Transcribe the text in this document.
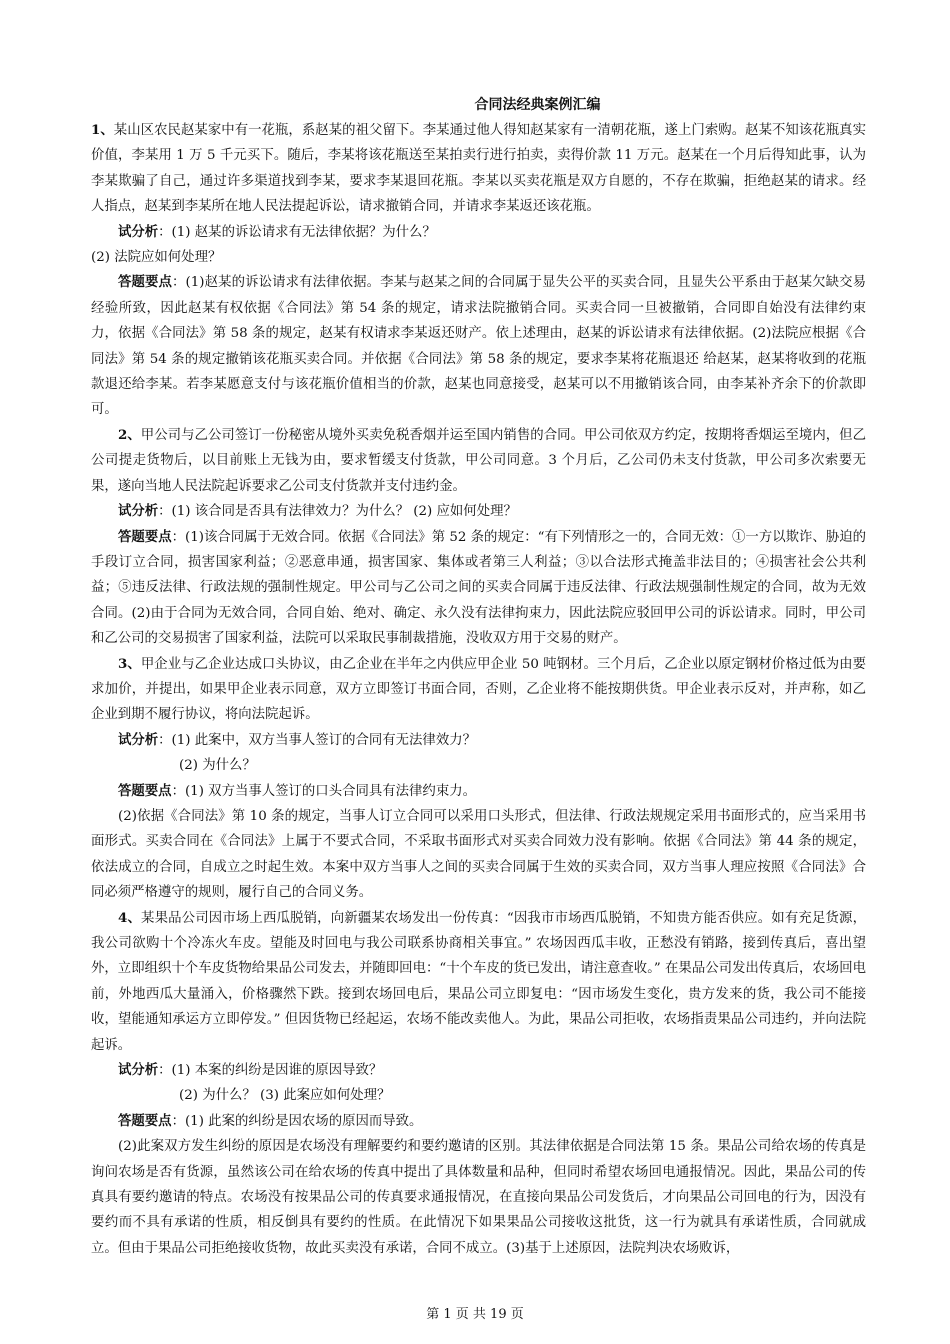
合同法经典案例汇编

1、某山区农民赵某家中有一花瓶，系赵某的祖父留下。李某通过他人得知赵某家有一清朝花瓶，遂上门索购。赵某不知该花瓶真实价值，李某用 1 万 5 千元买下。随后，李某将该花瓶送至某拍卖行进行拍卖，卖得价款 11 万元。赵某在一个月后得知此事，认为李某欺骗了自己，通过许多渠道找到李某，要求李某退回花瓶。李某以买卖花瓶是双方自愿的，不存在欺骗，拒绝赵某的请求。经人指点，赵某到李某所在地人民法提起诉讼，请求撤销合同，并请求李某返还该花瓶。

试分析：(1) 赵某的诉讼请求有无法律依据？为什么？

(2) 法院应如何处理？

答题要点：(1)赵某的诉讼请求有法律依据。李某与赵某之间的合同属于显失公平的买卖合同，且显失公平系由于赵某欠缺交易经验所致，因此赵某有权依据《合同法》第 54 条的规定，请求法院撤销合同。买卖合同一旦被撤销，合同即自始没有法律约束力，依据《合同法》第 58 条的规定，赵某有权请求李某返还财产。依上述理由，赵某的诉讼请求有法律依据。(2)法院应根据《合同法》第 54 条的规定撤销该花瓶买卖合同。并依据《合同法》第 58 条的规定，要求李某将花瓶退还 给赵某，赵某将收到的花瓶款退还给李某。若李某愿意支付与该花瓶价值相当的价款，赵某也同意接受，赵某可以不用撤销该合同，由李某补齐余下的价款即可。

2、甲公司与乙公司签订一份秘密从境外买卖免税香烟并运至国内销售的合同。甲公司依双方约定，按期将香烟运至境内，但乙公司提走货物后，以目前账上无钱为由，要求暂缓支付货款，甲公司同意。3 个月后，乙公司仍未支付货款，甲公司多次索要无果，遂向当地人民法院起诉要求乙公司支付货款并支付违约金。

试分析：(1) 该合同是否具有法律效力？为什么？ (2) 应如何处理？

答题要点：(1)该合同属于无效合同。依据《合同法》第 52 条的规定：“有下列情形之一的，合同无效：①一方以欺诈、胁迫的手段订立合同，损害国家利益；②恶意串通，损害国家、集体或者第三人利益；③以合法形式掩盖非法目的；④损害社会公共利益；⑤违反法律、行政法规的强制性规定。甲公司与乙公司之间的买卖合同属于违反法律、行政法规强制性规定的合同，故为无效合同。(2)由于合同为无效合同，合同自始、绝对、确定、永久没有法律拘束力，因此法院应驳回甲公司的诉讼请求。同时，甲公司和乙公司的交易损害了国家利益，法院可以采取民事制裁措施，没收双方用于交易的财产。

3、甲企业与乙企业达成口头协议，由乙企业在半年之内供应甲企业 50 吨钢材。三个月后，乙企业以原定钢材价格过低为由要求加价，并提出，如果甲企业表示同意，双方立即签订书面合同，否则，乙企业将不能按期供货。甲企业表示反对，并声称，如乙企业到期不履行协议，将向法院起诉。

试分析：(1) 此案中，双方当事人签订的合同有无法律效力？

(2) 为什么？

答题要点：(1) 双方当事人签订的口头合同具有法律约束力。

(2)依据《合同法》第 10 条的规定，当事人订立合同可以采用口头形式，但法律、行政法规规定采用书面形式的，应当采用书面形式。买卖合同在《合同法》上属于不要式合同，不采取书面形式对买卖合同效力没有影响。依据《合同法》第 44 条的规定，依法成立的合同，自成立之时起生效。本案中双方当事人之间的买卖合同属于生效的买卖合同，双方当事人理应按照《合同法》合同必须严格遵守的规则，履行自己的合同义务。

4、某果品公司因市场上西瓜脱销，向新疆某农场发出一份传真：“因我市市场西瓜脱销，不知贵方能否供应。如有充足货源，我公司欲购十个冷冻火车皮。望能及时回电与我公司联系协商相关事宜。” 农场因西瓜丰收，正愁没有销路，接到传真后，喜出望外，立即组织十个车皮货物给果品公司发去，并随即回电：“十个车皮的货已发出，请注意查收。” 在果品公司发出传真后，农场回电前，外地西瓜大量涌入，价格骤然下跌。接到农场回电后，果品公司立即复电：“因市场发生变化，贵方发来的货，我公司不能接收，望能通知承运方立即停发。” 但因货物已经起运，农场不能改卖他人。为此，果品公司拒收，农场指责果品公司违约，并向法院起诉。

试分析：(1) 本案的纠纷是因谁的原因导致？

(2) 为什么？ (3) 此案应如何处理？

答题要点：(1) 此案的纠纷是因农场的原因而导致。

(2)此案双方发生纠纷的原因是农场没有理解要约和要约邀请的区别。其法律依据是合同法第 15 条。果品公司给农场的传真是询问农场是否有货源，虽然该公司在给农场的传真中提出了具体数量和品种，但同时希望农场回电通报情况。因此，果品公司的传真具有要约邀请的特点。农场没有按果品公司的传真要求通报情况，在直接向果品公司发货后，才向果品公司回电的行为，因没有要约而不具有承诺的性质，相反倒具有要约的性质。在此情况下如果果品公司接收这批货，这一行为就具有承诺性质，合同就成立。但由于果品公司拒绝接收货物，故此买卖没有承诺，合同不成立。(3)基于上述原因，法院判决农场败诉，

第 1 页 共 19 页
